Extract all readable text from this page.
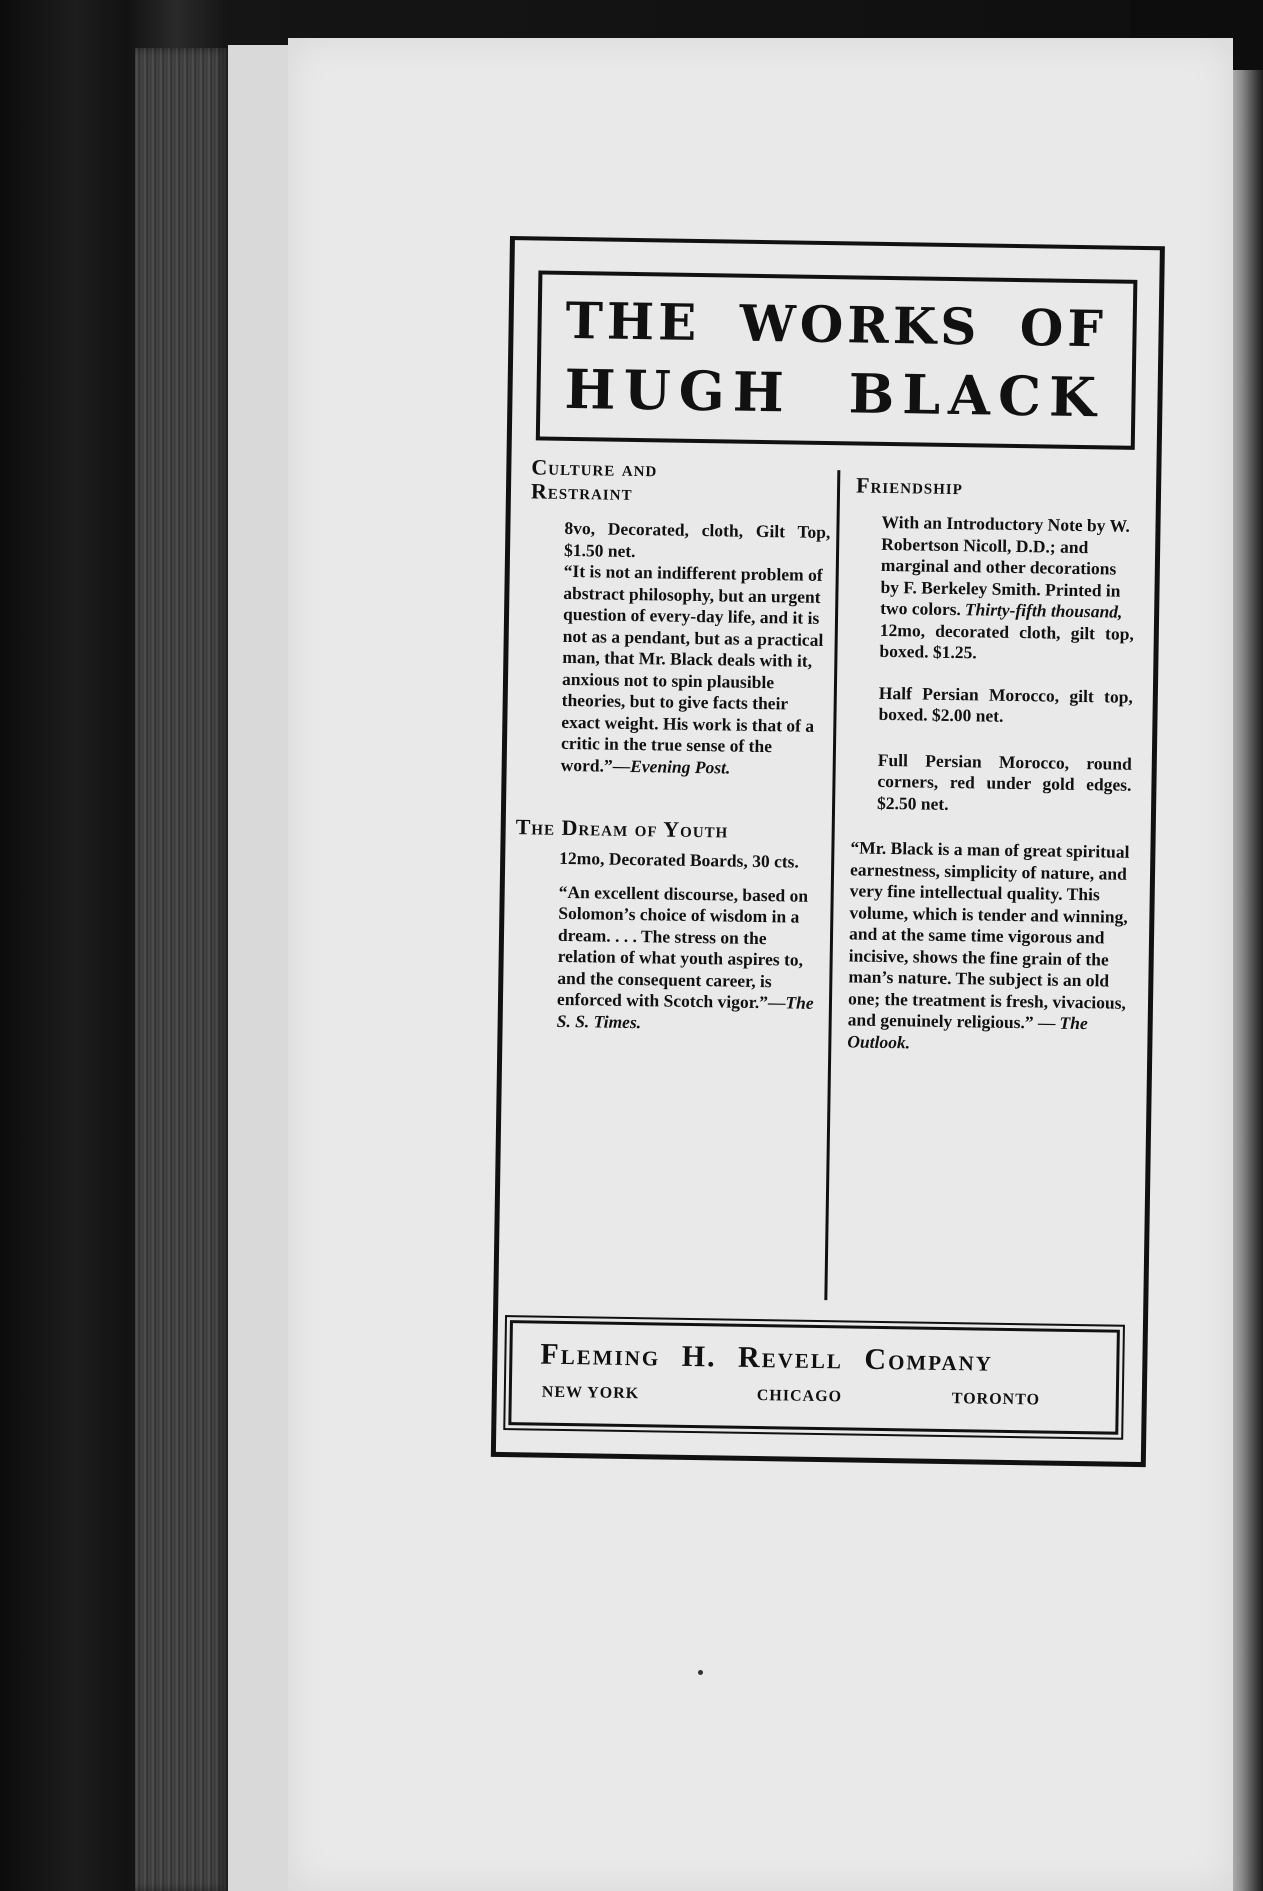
THE WORKS OF
HUGH BLACK

Culture and

Restraint

8vo, Decorated, cloth, Gilt Top, $1.50 net.

“It is not an indifferent problem of abstract philosophy, but an urgent question of every-day life, and it is not as a pendant, but as a practical man, that Mr. Black deals with it, anxious not to spin plausible theories, but to give facts their exact weight. His work is that of a critic in the true sense of the word.”—

Evening Post.

The Dream of Youth

12mo, Decorated Boards, 30 cts.

“An excellent discourse, based on Solomon’s choice of wisdom in a dream. . . . The stress on the relation of what youth aspires to, and the consequent career, is enforced with Scotch vigor.”—

The S. S. Times.

Friendship

With an Introductory Note by W. Robertson Nicoll, D.D.; and marginal and other decorations by F. Berkeley Smith. Printed in two colors. Thirty-fifth thousand,

12mo, decorated cloth, gilt top, boxed. $1.25.

Half Persian Morocco, gilt top, boxed. $2.00 net.

Full Persian Morocco, round corners, red under gold edges. $2.50 net.

“Mr. Black is a man of great spiritual earnestness, simplicity of nature, and very fine intellectual quality. This volume, which is tender and winning, and at the same time vigorous and incisive, shows the fine grain of the man’s nature. The subject is an old one; the treatment is fresh, vivacious, and genuinely religious.” — The Outlook.
Fleming H. Revell Company
NEW YORK	CHICAGO	TORONTO
